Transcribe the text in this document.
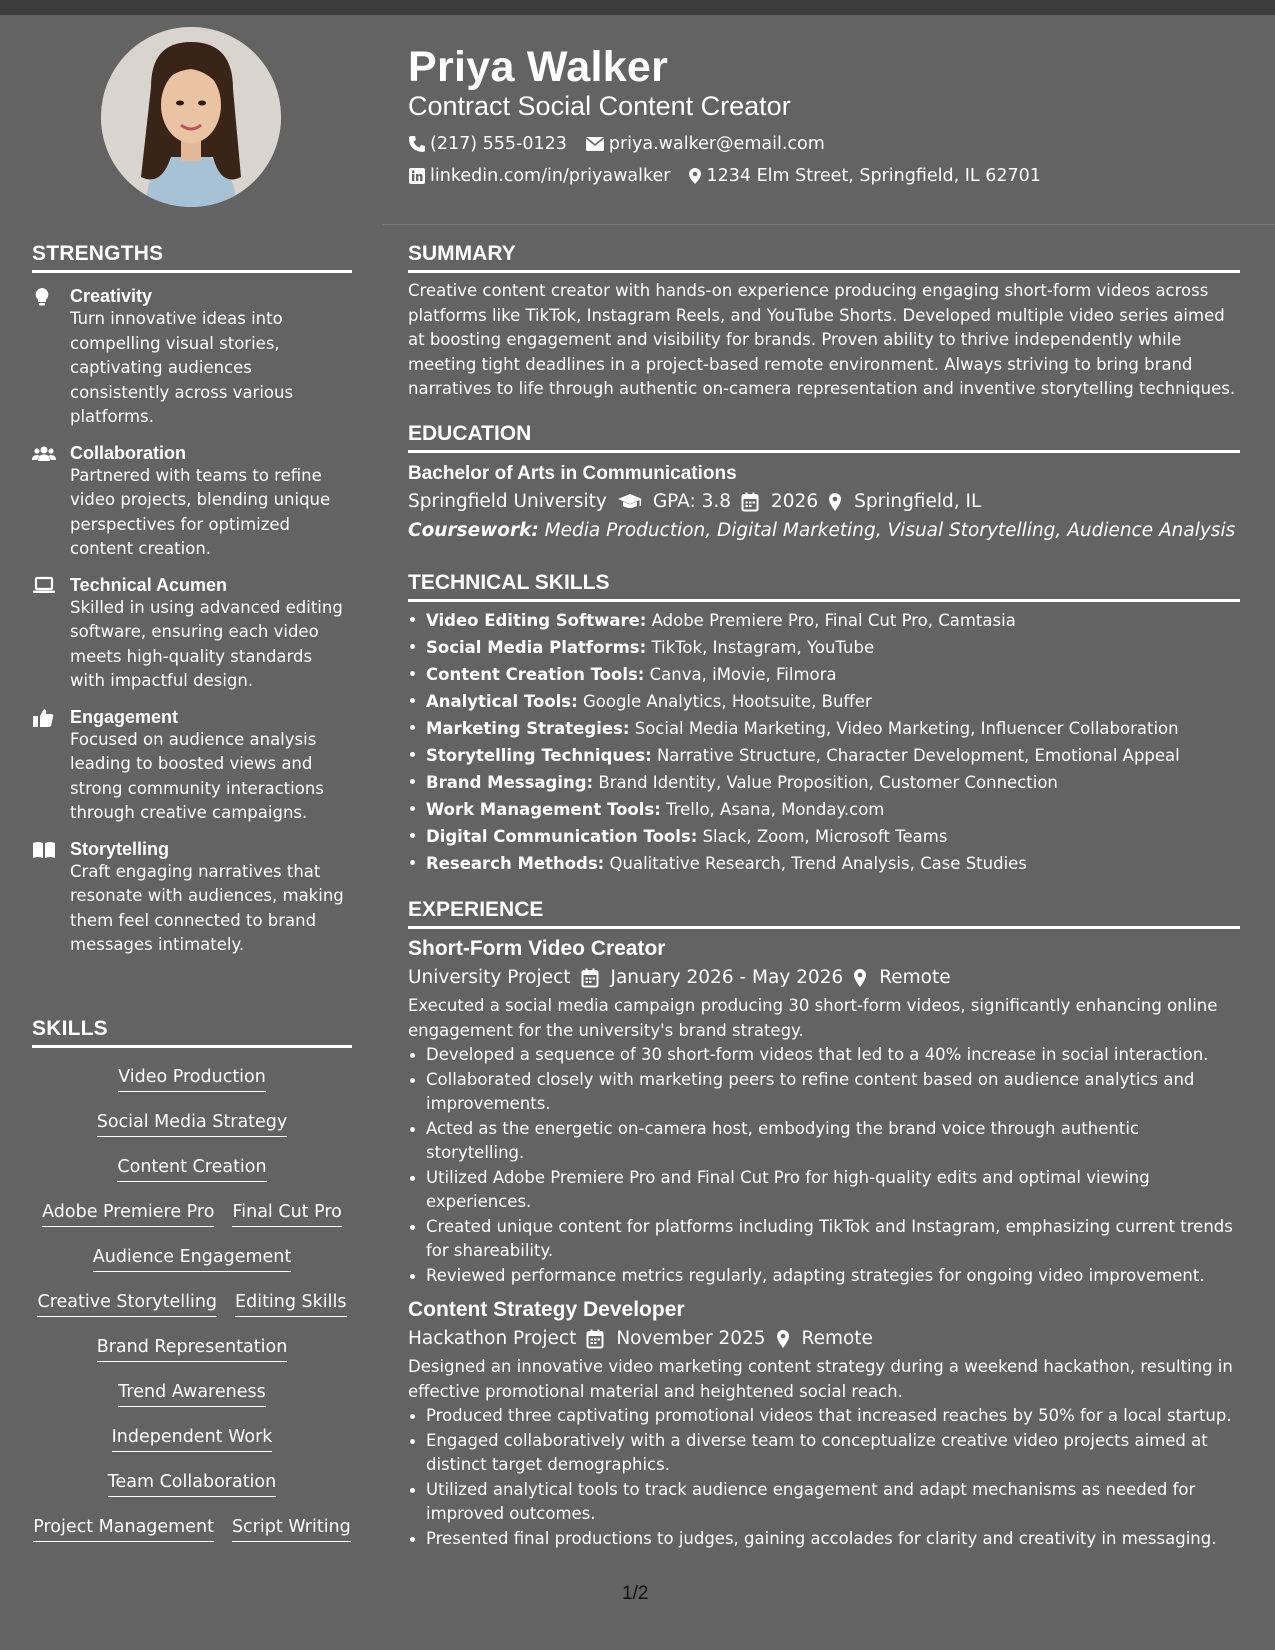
STRENGTHS
Creativity
Turn innovative ideas into compelling visual stories, captivating audiences consistently across various platforms.
Collaboration
Partnered with teams to refine video projects, blending unique perspectives for optimized content creation.
Technical Acumen
Skilled in using advanced editing software, ensuring each video meets high-quality standards with impactful design.
Engagement
Focused on audience analysis leading to boosted views and strong community interactions through creative campaigns.
Storytelling
Craft engaging narratives that resonate with audiences, making them feel connected to brand messages intimately.
SKILLS
Video Production
Social Media Strategy
Content Creation
Adobe Premiere Pro Final Cut Pro
Audience Engagement
Creative Storytelling Editing Skills
Brand Representation
Trend Awareness
Independent Work
Team Collaboration
Project Management Script Writing
Priya Walker
Contract Social Content Creator
(217) 555-0123 priya.walker@email.com
linkedin.com/in/priyawalker 1234 Elm Street, Springfield, IL 62701
SUMMARY
Creative content creator with hands-on experience producing engaging short-form videos across platforms like TikTok, Instagram Reels, and YouTube Shorts. Developed multiple video series aimed at boosting engagement and visibility for brands. Proven ability to thrive independently while meeting tight deadlines in a project-based remote environment. Always striving to bring brand narratives to life through authentic on-camera representation and inventive storytelling techniques.
EDUCATION
Bachelor of Arts in Communications
Springfield University GPA: 3.8 2026 Springfield, IL
Coursework: Media Production, Digital Marketing, Visual Storytelling, Audience Analysis
TECHNICAL SKILLS
Video Editing Software: Adobe Premiere Pro, Final Cut Pro, Camtasia
Social Media Platforms: TikTok, Instagram, YouTube
Content Creation Tools: Canva, iMovie, Filmora
Analytical Tools: Google Analytics, Hootsuite, Buffer
Marketing Strategies: Social Media Marketing, Video Marketing, Influencer Collaboration
Storytelling Techniques: Narrative Structure, Character Development, Emotional Appeal
Brand Messaging: Brand Identity, Value Proposition, Customer Connection
Work Management Tools: Trello, Asana, Monday.com
Digital Communication Tools: Slack, Zoom, Microsoft Teams
Research Methods: Qualitative Research, Trend Analysis, Case Studies
EXPERIENCE
Short-Form Video Creator
University Project January 2026 - May 2026 Remote
Executed a social media campaign producing 30 short-form videos, significantly enhancing online engagement for the university's brand strategy.
Developed a sequence of 30 short-form videos that led to a 40% increase in social interaction.
Collaborated closely with marketing peers to refine content based on audience analytics and improvements.
Acted as the energetic on-camera host, embodying the brand voice through authentic storytelling.
Utilized Adobe Premiere Pro and Final Cut Pro for high-quality edits and optimal viewing experiences.
Created unique content for platforms including TikTok and Instagram, emphasizing current trends for shareability.
Reviewed performance metrics regularly, adapting strategies for ongoing video improvement.
Content Strategy Developer
Hackathon Project November 2025 Remote
Designed an innovative video marketing content strategy during a weekend hackathon, resulting in effective promotional material and heightened social reach.
Produced three captivating promotional videos that increased reaches by 50% for a local startup.
Engaged collaboratively with a diverse team to conceptualize creative video projects aimed at distinct target demographics.
Utilized analytical tools to track audience engagement and adapt mechanisms as needed for improved outcomes.
Presented final productions to judges, gaining accolades for clarity and creativity in messaging.
1/2
